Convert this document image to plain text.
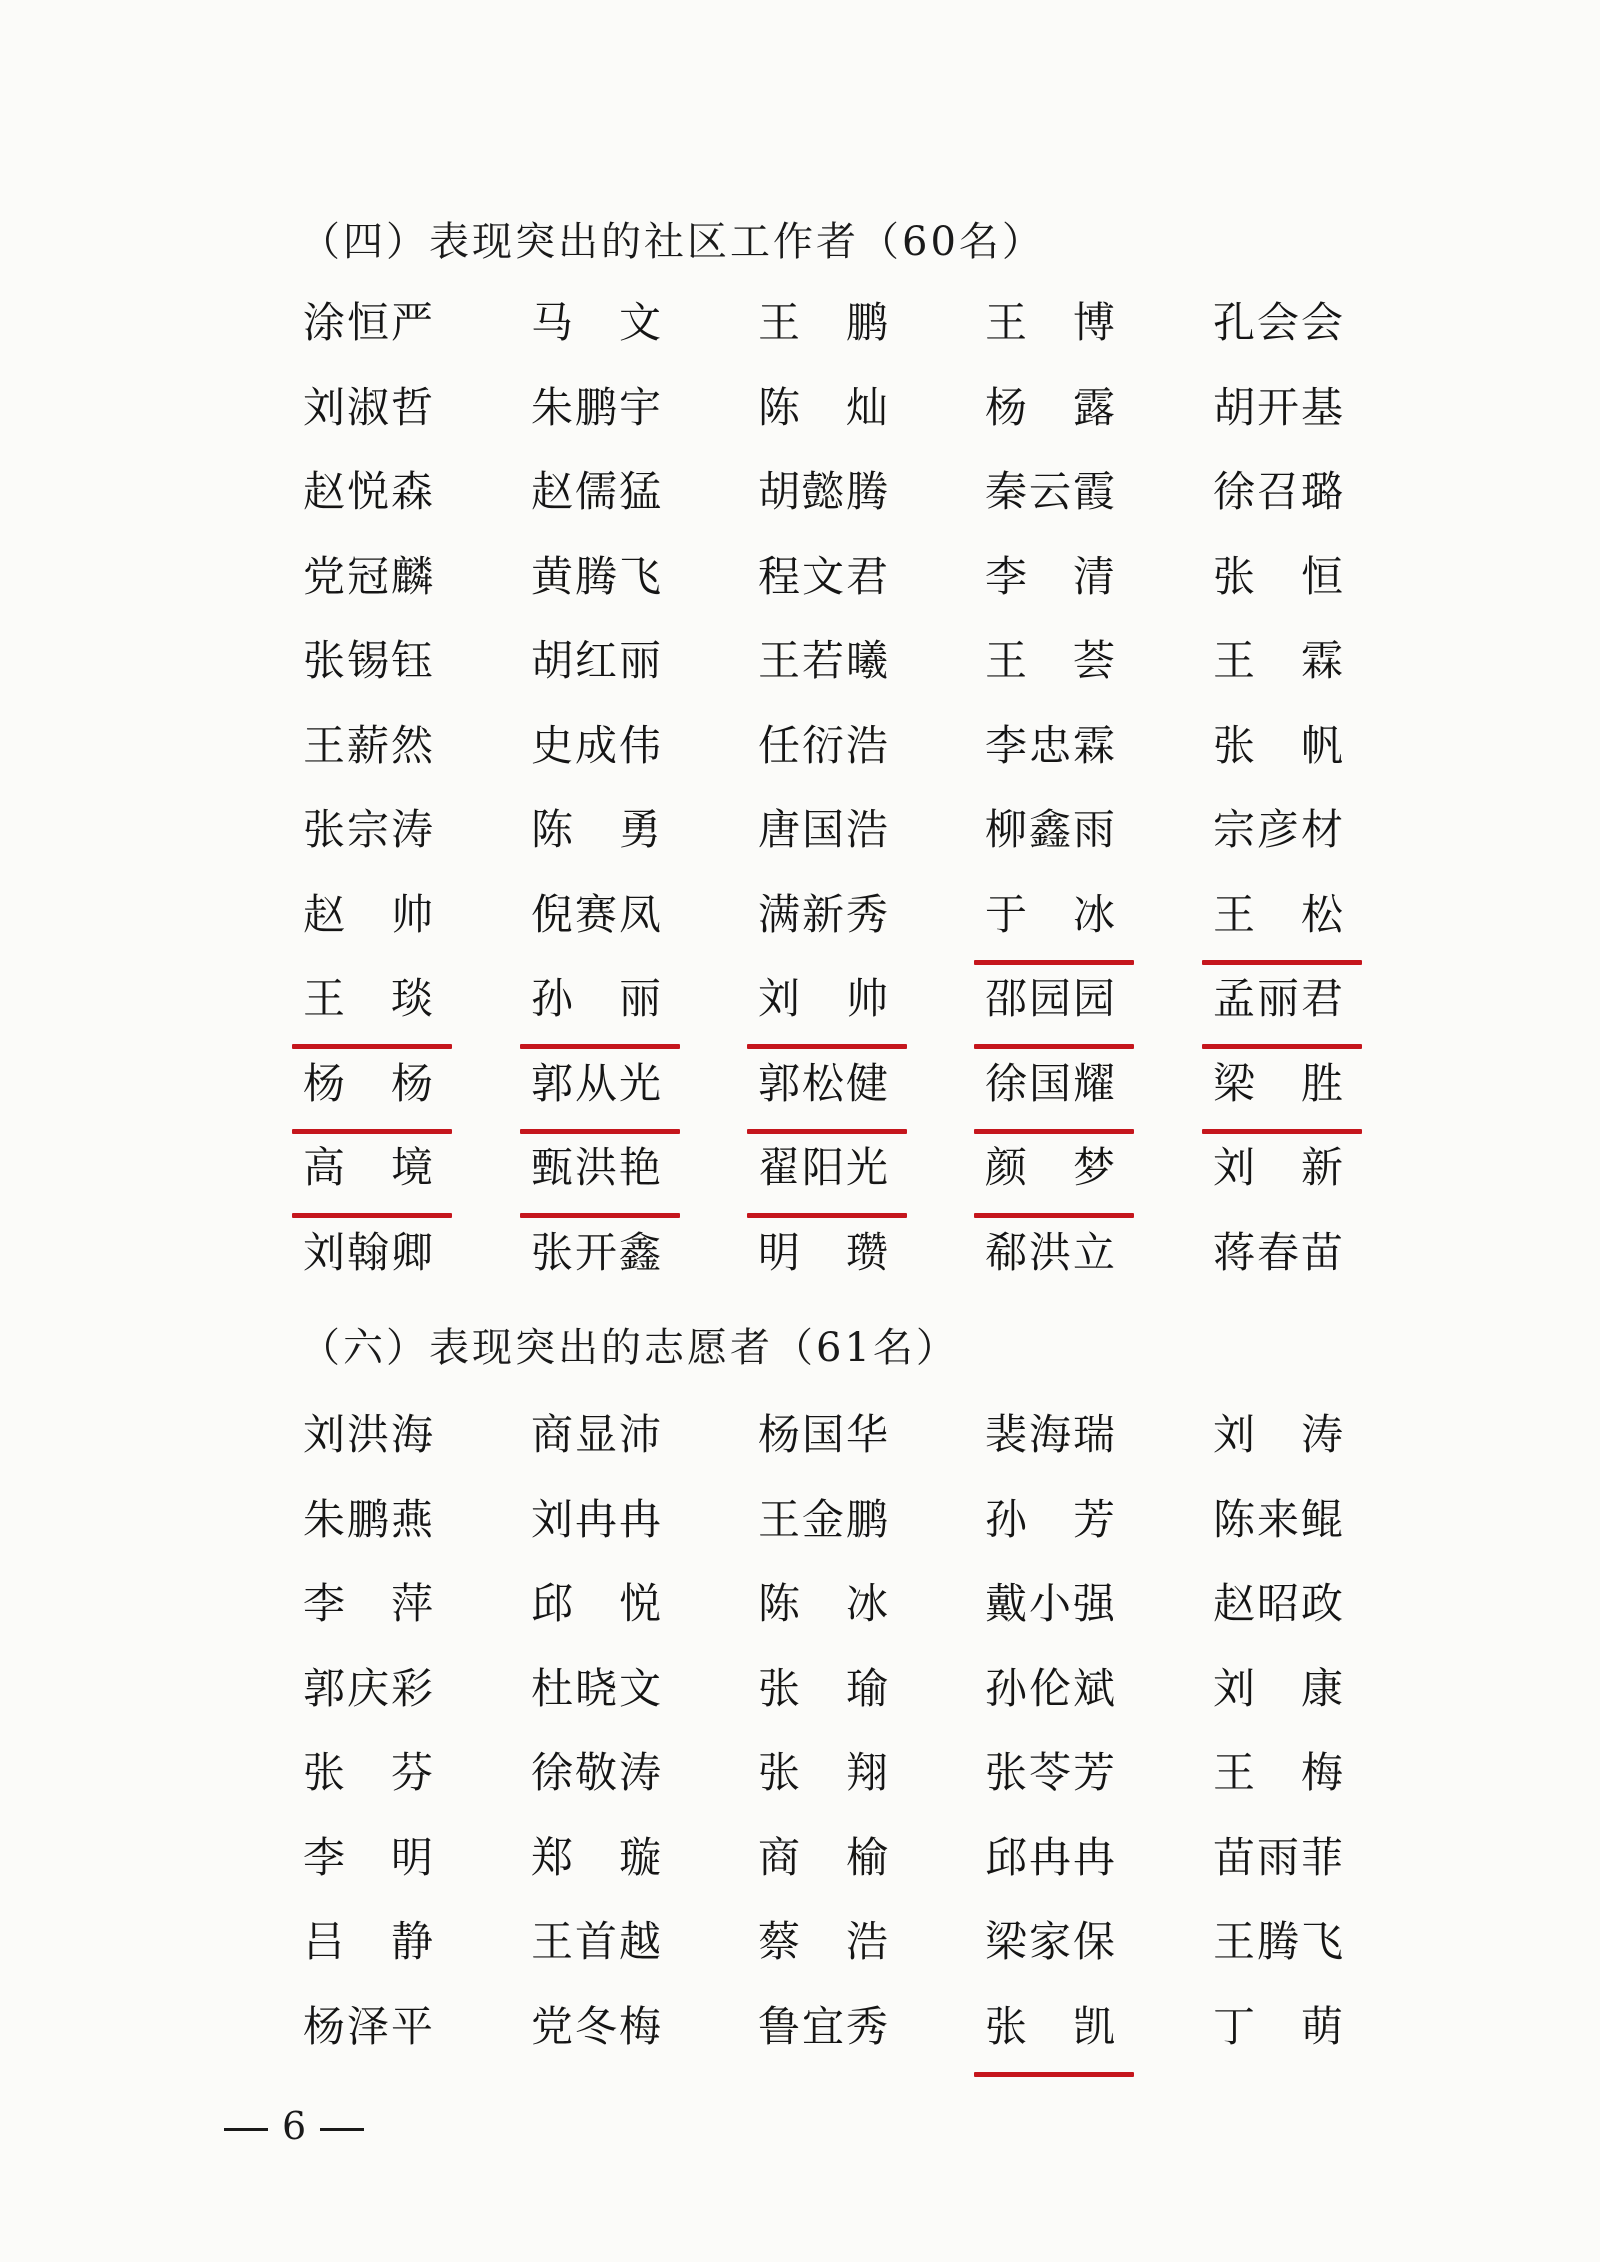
（四）表现突出的社区工作者（60名）
涂 恒 严 马
　 文 王
　 鹏 王
　 博 孔 会 会
刘 淑 哲 朱 鹏 宇 陈
　 灿 杨
　 露 胡 开 基
赵 悦 森 赵 儒 猛 胡 懿 腾 秦 云 霞 徐 召 璐
党 冠 麟 黄 腾 飞 程 文 君 李
　 清 张
　 恒
张 锡 钰 胡 红 丽 王 若 曦 王
　 荟 王
　 霖
王 薪 然 史 成 伟 任 衍 浩 李 忠 霖 张
　 帆
张 宗 涛 陈
　 勇 唐 国 浩 柳 鑫 雨 宗 彦 材
赵
　 帅 倪 赛 凤 满 新 秀 于
　 冰 王
　 松
王
　 琰 孙
　 丽 刘
　 帅 邵 园 园 孟 丽 君
杨
　 杨 郭 从 光 郭 松 健 徐 国 耀 梁
　 胜
高
　 境 甄 洪 艳 翟 阳 光 颜
　 梦 刘
　 新
刘 翰 卿 张 开 鑫 明
　 瓒 郗 洪 立 蒋 春 苗
（六）表现突出的志愿者（61名）
刘 洪 海 商 显 沛 杨 国 华 裴 海 瑞 刘
　 涛
朱 鹏 燕 刘 冉 冉 王 金 鹏 孙
　 芳 陈 来 鲲
李
　 萍 邱
　 悦 陈
　 冰 戴 小 强 赵 昭 政
郭 庆 彩 杜 晓 文 张
　 瑜 孙 伦 斌 刘
　 康
张
　 芬 徐 敬 涛 张
　 翔 张 苓 芳 王
　 梅
李
　 明 郑
　 璇 商
　 榆 邱 冉 冉 苗 雨 菲
吕
　 静 王 首 越 蔡
　 浩 梁 家 保 王 腾 飞
杨 泽 平 党 冬 梅 鲁 宜 秀 张
　 凯 丁
　 萌
6
